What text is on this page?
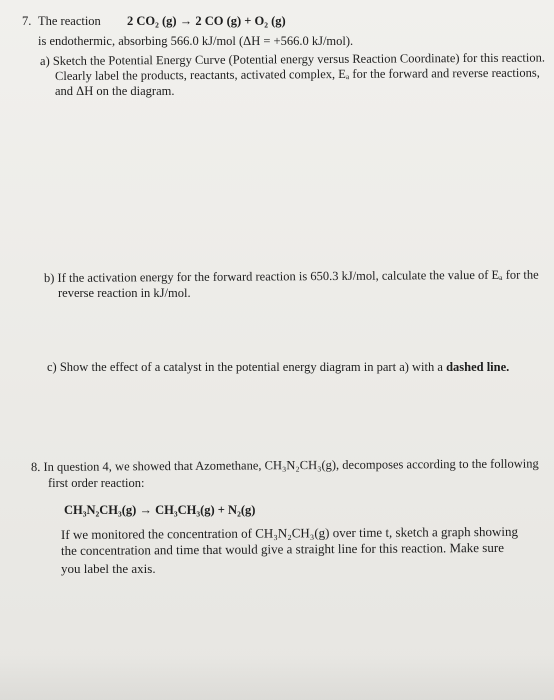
7. The reaction 2 CO₂ (g) → 2 CO (g) + O₂ (g)
is endothermic, absorbing 566.0 kJ/mol (ΔH = +566.0 kJ/mol).
a) Sketch the Potential Energy Curve (Potential energy versus Reaction Coordinate) for this reaction.
Clearly label the products, reactants, activated complex, Eₐ for the forward and reverse reactions,
and ΔH on the diagram.
b) If the activation energy for the forward reaction is 650.3 kJ/mol, calculate the value of Eₐ for the
reverse reaction in kJ/mol.
c) Show the effect of a catalyst in the potential energy diagram in part a) with a dashed line.
8. In question 4, we showed that Azomethane, CH₃N₂CH₃(g), decomposes according to the following
first order reaction:
CH₃N₂CH₃(g) → CH₃CH₃(g) + N₂(g)
If we monitored the concentration of CH₃N₂CH₃(g) over time t, sketch a graph showing
the concentration and time that would give a straight line for this reaction. Make sure
you label the axis.
